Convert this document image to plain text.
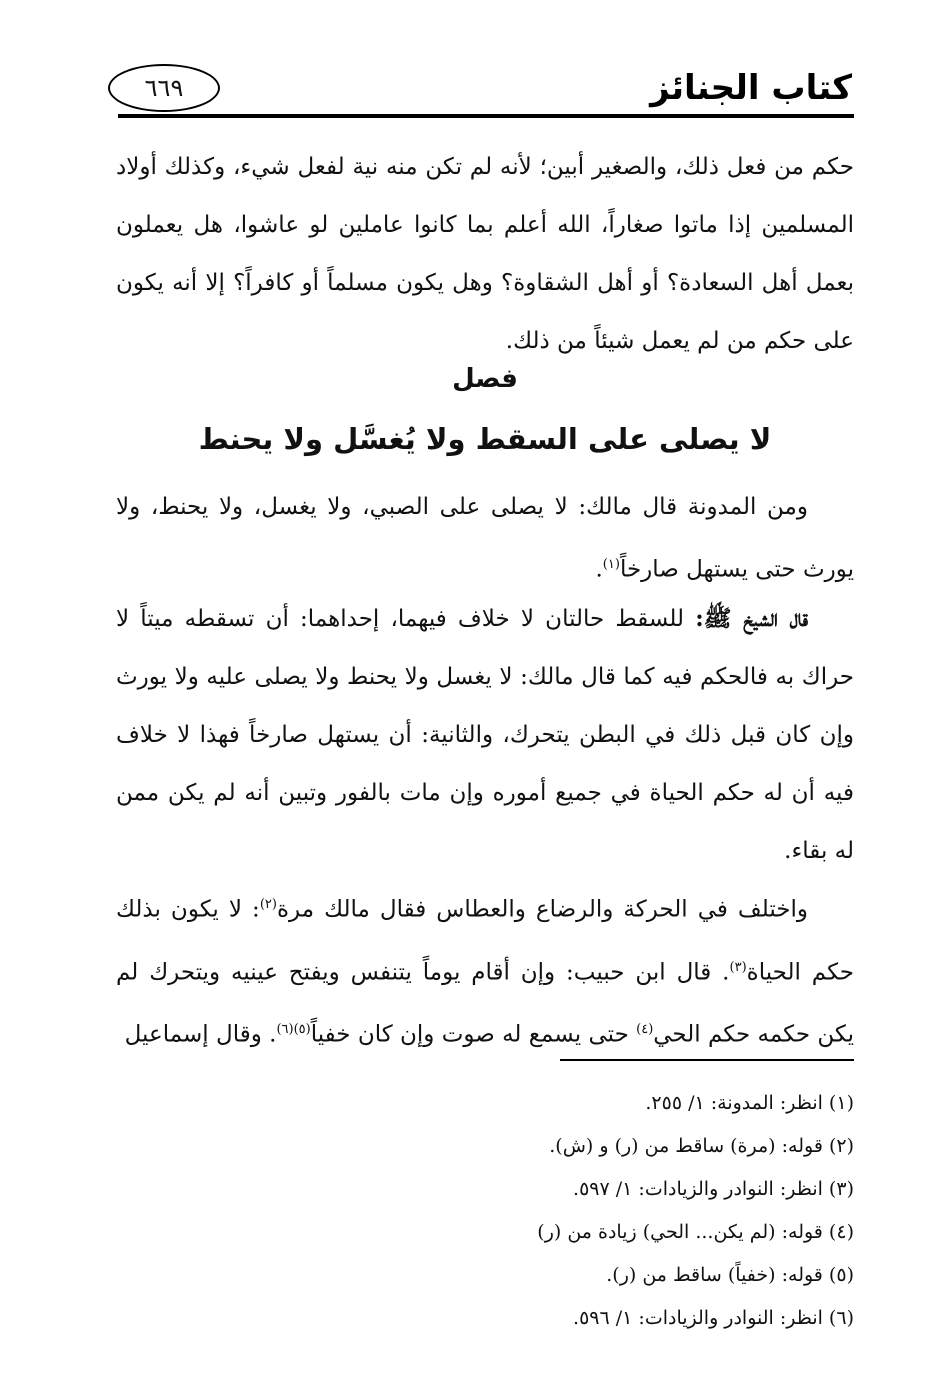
كتاب الجنائز
٦٦٩

حكم من فعل ذلك، والصغير أبين؛ لأنه لم تكن منه نية لفعل شيء، وكذلك أولاد المسلمين إذا ماتوا صغاراً، الله أعلم بما كانوا عاملين لو عاشوا، هل يعملون بعمل أهل السعادة؟ أو أهل الشقاوة؟ وهل يكون مسلماً أو كافراً؟ إلا أنه يكون على حكم من لم يعمل شيئاً من ذلك.

فصل
لا يصلى على السقط ولا يُغسَّل ولا يحنط

ومن المدونة قال مالك: لا يصلى على الصبي، ولا يغسل، ولا يحنط، ولا يورث حتى يستهل صارخاً$^{(١)}$.

قال الشيخ ﷺ: للسقط حالتان لا خلاف فيهما، إحداهما: أن تسقطه ميتاً لا حراك به فالحكم فيه كما قال مالك: لا يغسل ولا يحنط ولا يصلى عليه ولا يورث وإن كان قبل ذلك في البطن يتحرك، والثانية: أن يستهل صارخاً فهذا لا خلاف فيه أن له حكم الحياة في جميع أموره وإن مات بالفور وتبين أنه لم يكن ممن له بقاء.

واختلف في الحركة والرضاع والعطاس فقال مالك مرة$^{(٢)}$: لا يكون بذلك حكم الحياة$^{(٣)}$. قال ابن حبيب: وإن أقام يوماً يتنفس ويفتح عينيه ويتحرك لم يكن حكمه حكم الحي$^{(٤)}$ حتى يسمع له صوت وإن كان خفياً$^{(٥)(٦)}$. وقال إسماعيل

(١) انظر: المدونة: ١/ ٢٥٥.
(٢) قوله: (مرة) ساقط من (ر) و (ش).
(٣) انظر: النوادر والزيادات: ١/ ٥٩٧.
(٤) قوله: (لم يكن... الحي) زيادة من (ر)
(٥) قوله: (خفياً) ساقط من (ر).
(٦) انظر: النوادر والزيادات: ١/ ٥٩٦.
